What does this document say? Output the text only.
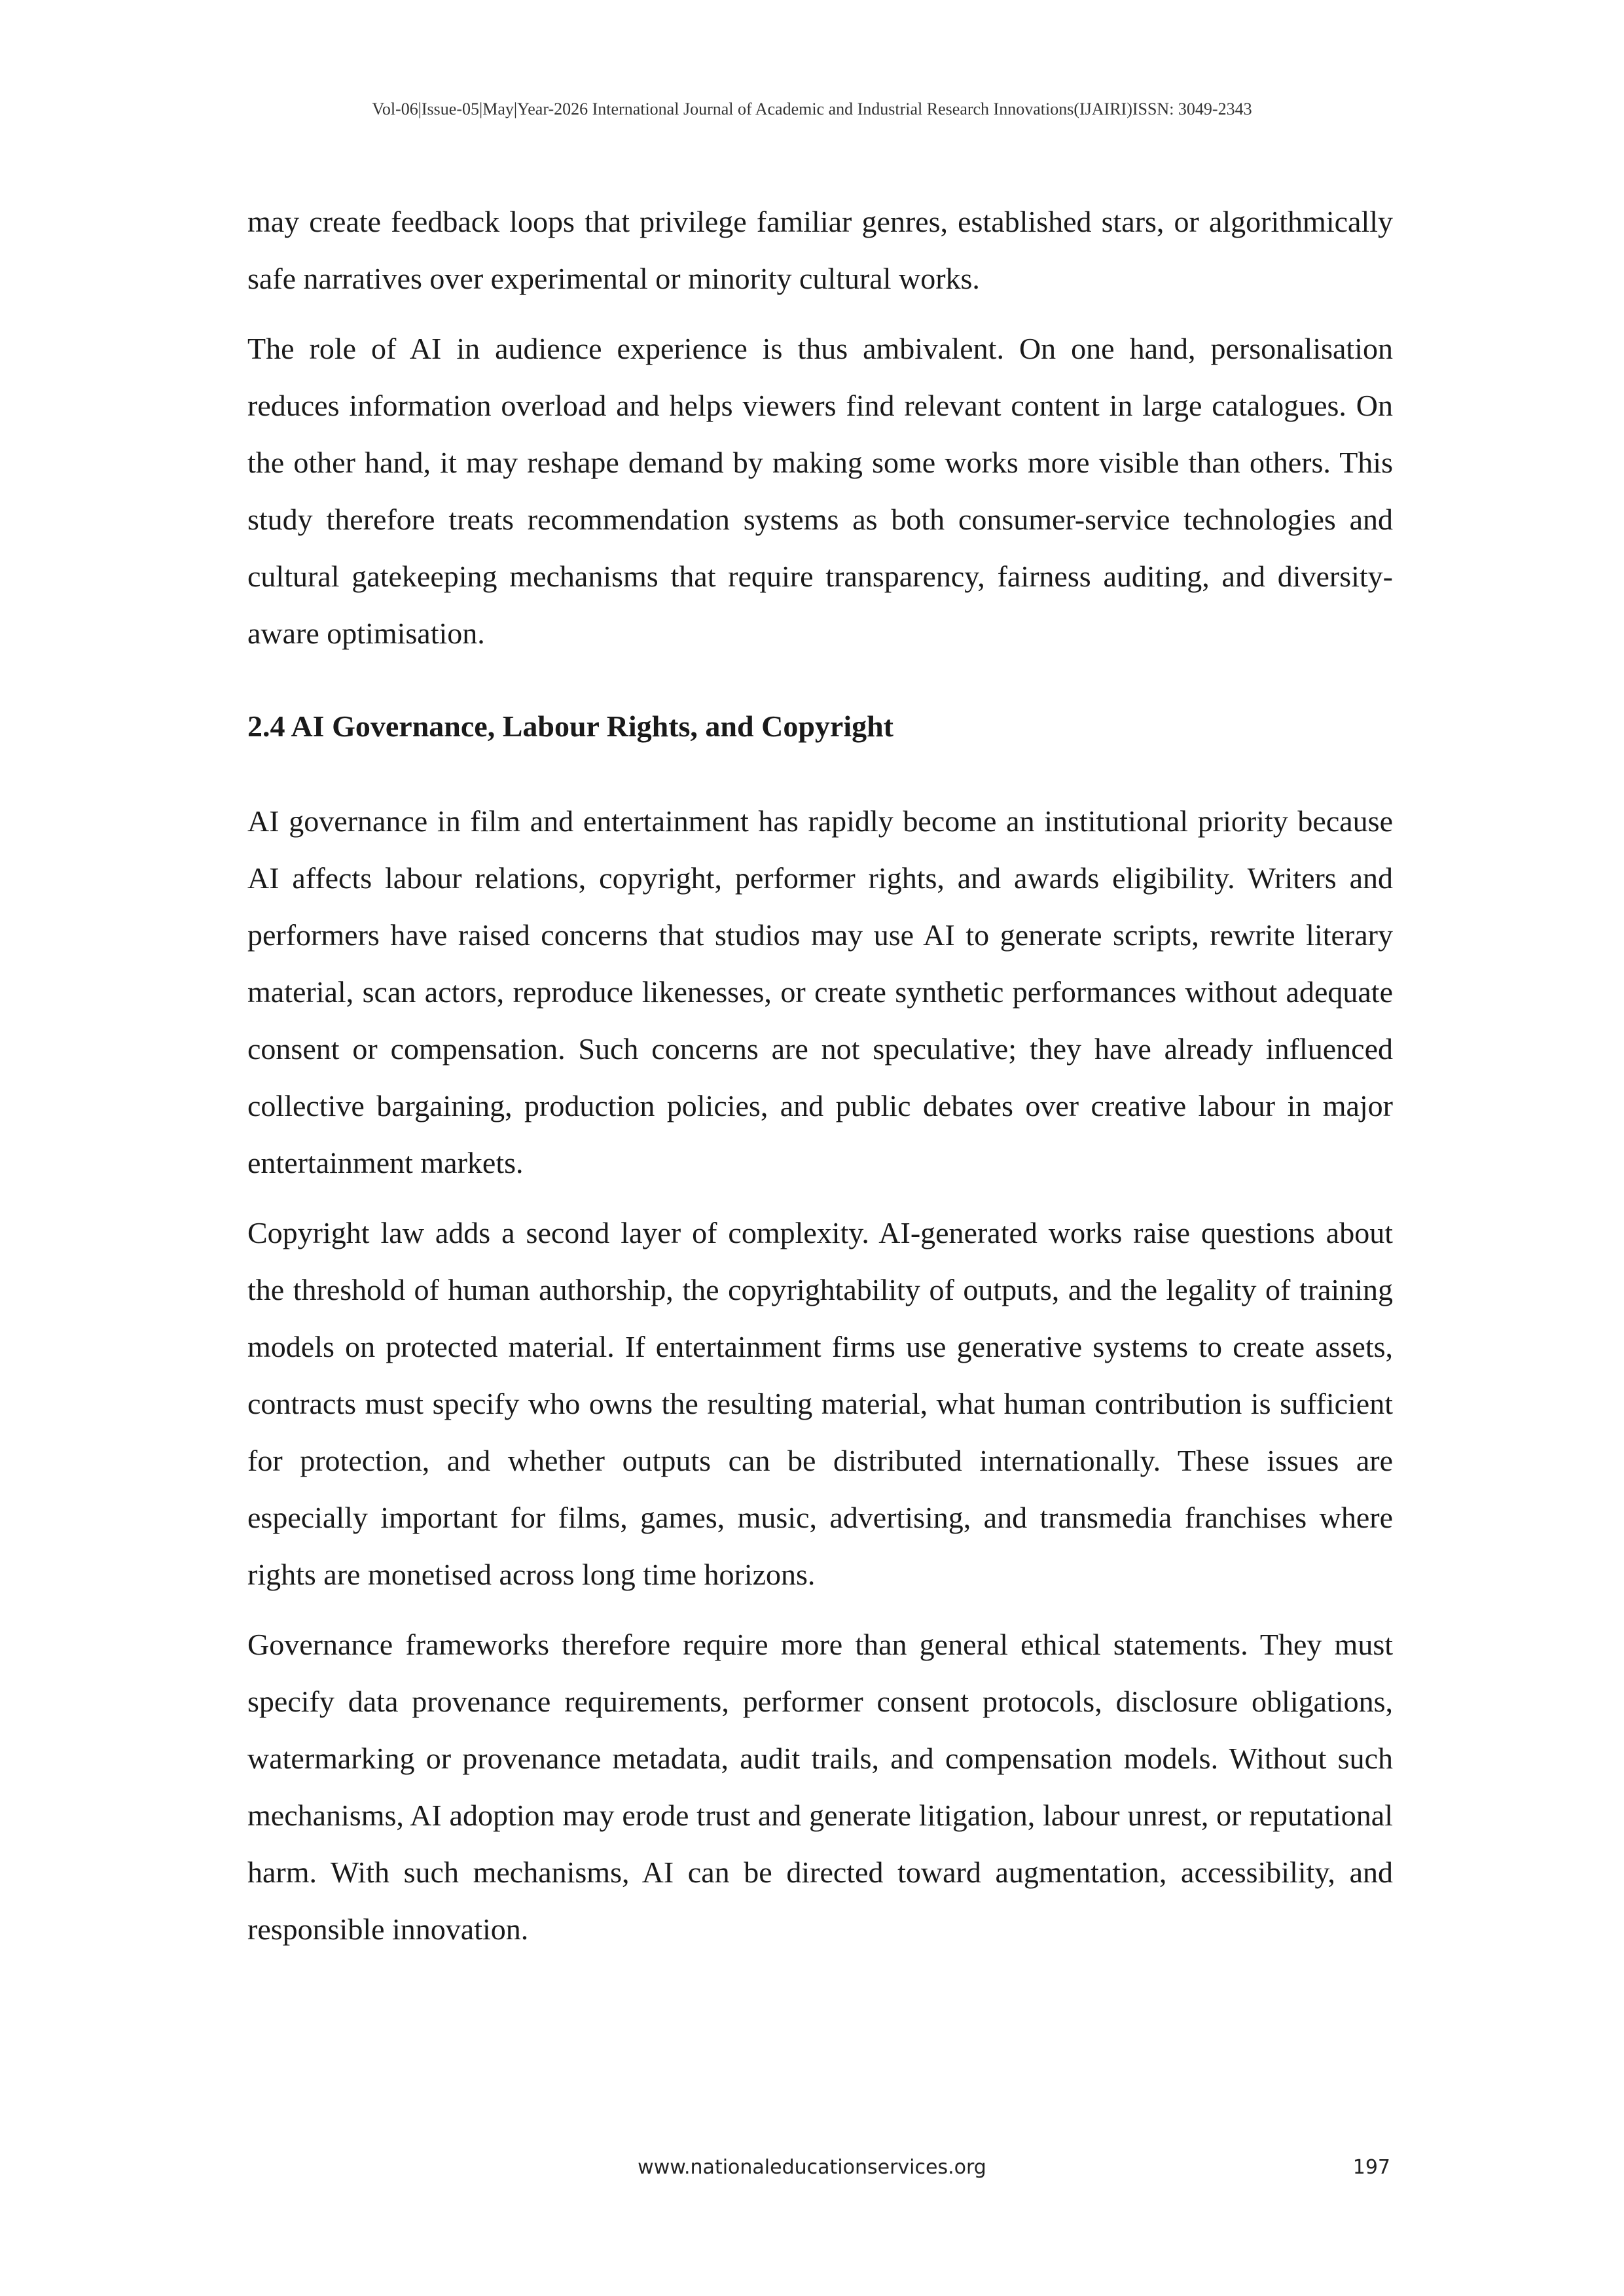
Vol-06|Issue-05|May|Year-2026 International Journal of Academic and Industrial Research Innovations(IJAIRI)ISSN: 3049-2343

may create feedback loops that privilege familiar genres, established stars, or algorithmically safe narratives over experimental or minority cultural works.

The role of AI in audience experience is thus ambivalent. On one hand, personalisation reduces information overload and helps viewers find relevant content in large catalogues. On the other hand, it may reshape demand by making some works more visible than others. This study therefore treats recommendation systems as both consumer-service technologies and cultural gatekeeping mechanisms that require transparency, fairness auditing, and diversity-aware optimisation.

2.4 AI Governance, Labour Rights, and Copyright

AI governance in film and entertainment has rapidly become an institutional priority because AI affects labour relations, copyright, performer rights, and awards eligibility. Writers and performers have raised concerns that studios may use AI to generate scripts, rewrite literary material, scan actors, reproduce likenesses, or create synthetic performances without adequate consent or compensation. Such concerns are not speculative; they have already influenced collective bargaining, production policies, and public debates over creative labour in major entertainment markets.

Copyright law adds a second layer of complexity. AI-generated works raise questions about the threshold of human authorship, the copyrightability of outputs, and the legality of training models on protected material. If entertainment firms use generative systems to create assets, contracts must specify who owns the resulting material, what human contribution is sufficient for protection, and whether outputs can be distributed internationally. These issues are especially important for films, games, music, advertising, and transmedia franchises where rights are monetised across long time horizons.

Governance frameworks therefore require more than general ethical statements. They must specify data provenance requirements, performer consent protocols, disclosure obligations, watermarking or provenance metadata, audit trails, and compensation models. Without such mechanisms, AI adoption may erode trust and generate litigation, labour unrest, or reputational harm. With such mechanisms, AI can be directed toward augmentation, accessibility, and responsible innovation.

www.nationaleducationservices.org	197
